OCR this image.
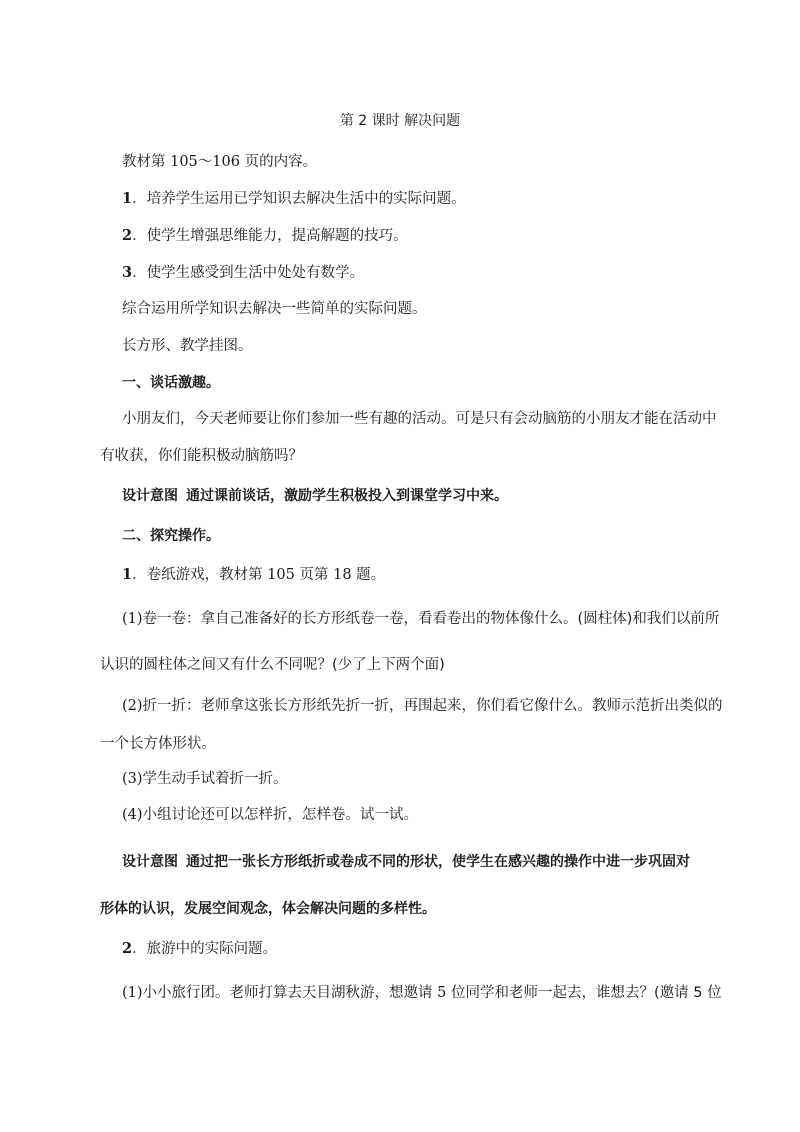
第 2 课时 解决问题
教材第 105～106 页的内容。
1．培养学生运用已学知识去解决生活中的实际问题。
2．使学生增强思维能力，提高解题的技巧。
3．使学生感受到生活中处处有数学。
综合运用所学知识去解决一些简单的实际问题。
长方形、教学挂图。
一、谈话激趣。
小朋友们，今天老师要让你们参加一些有趣的活动。可是只有会动脑筋的小朋友才能在活动中
有收获，你们能积极动脑筋吗？
设计意图 通过课前谈话，激励学生积极投入到课堂学习中来。
二、探究操作。
1．卷纸游戏，教材第 105 页第 18 题。
(1)卷一卷：拿自己准备好的长方形纸卷一卷，看看卷出的物体像什么。(圆柱体)和我们以前所
认识的圆柱体之间又有什么不同呢？(少了上下两个面)
(2)折一折：老师拿这张长方形纸先折一折，再围起来，你们看它像什么。教师示范折出类似的
一个长方体形状。
(3)学生动手试着折一折。
(4)小组讨论还可以怎样折，怎样卷。试一试。
设计意图 通过把一张长方形纸折或卷成不同的形状，使学生在感兴趣的操作中进一步巩固对
形体的认识，发展空间观念，体会解决问题的多样性。
2．旅游中的实际问题。
(1)小小旅行团。老师打算去天目湖秋游，想邀请 5 位同学和老师一起去，谁想去？(邀请 5 位
